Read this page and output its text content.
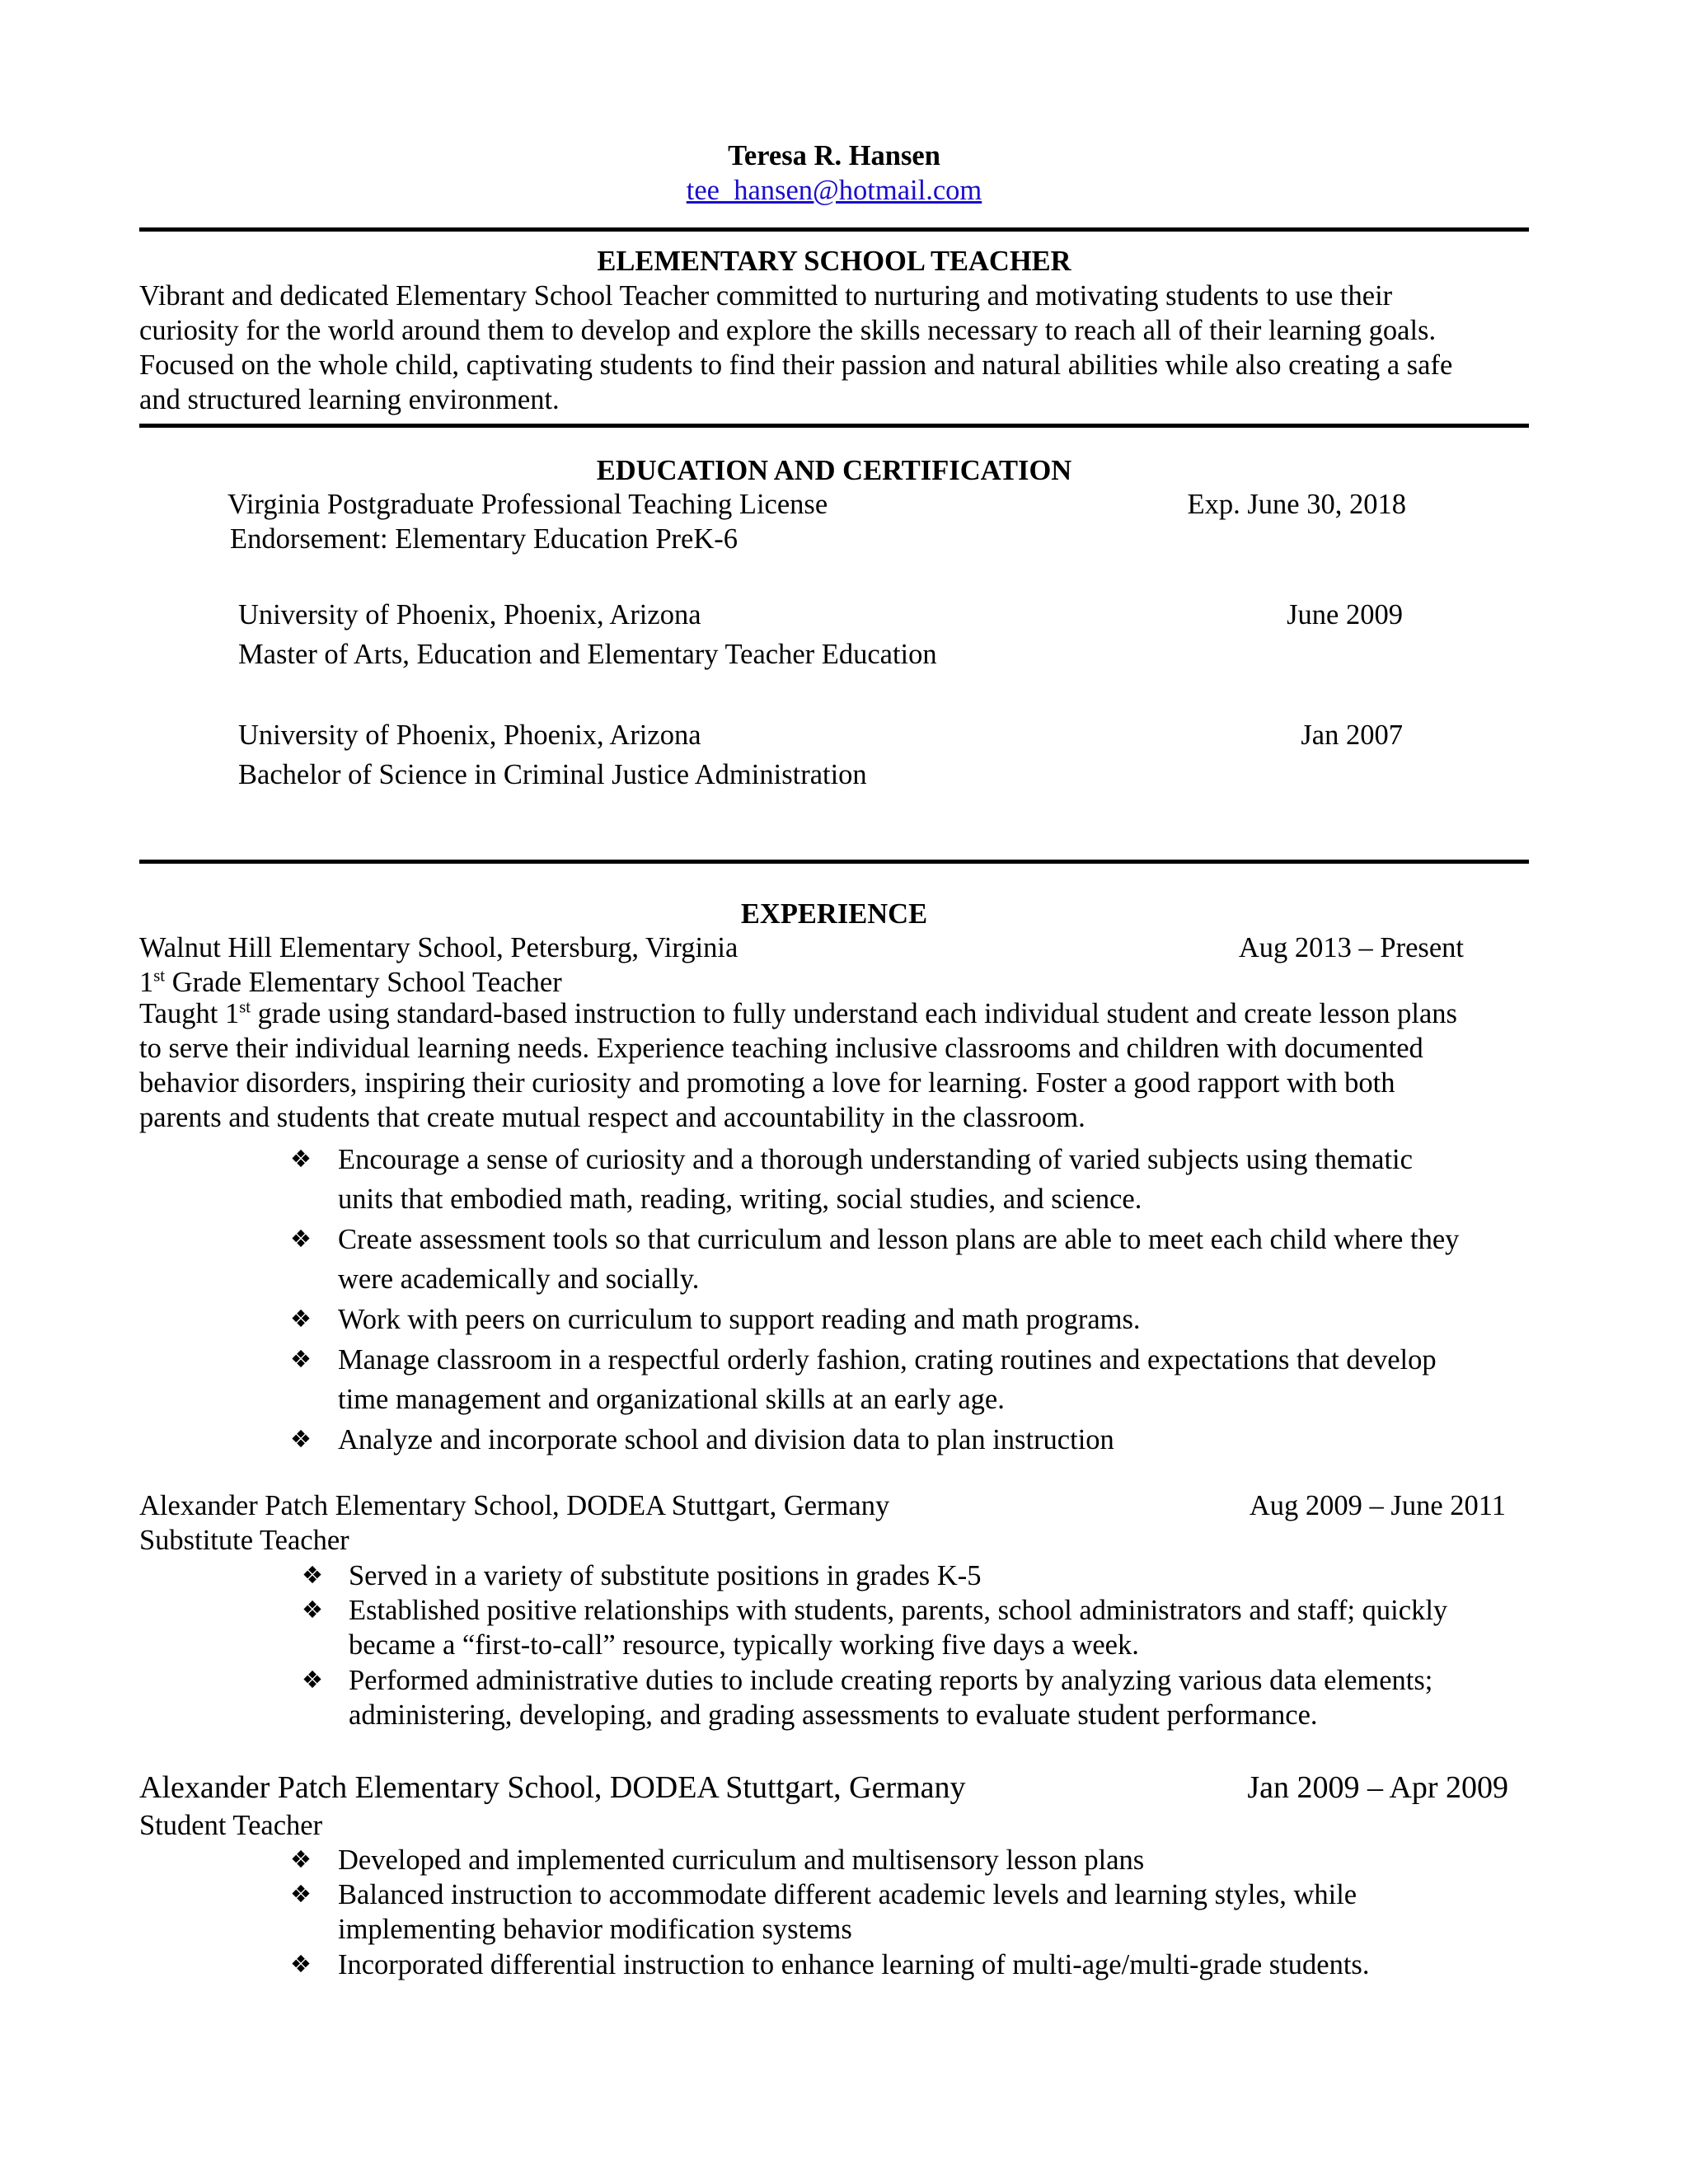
Teresa R. Hansen
tee_hansen@hotmail.com
ELEMENTARY SCHOOL TEACHER
Vibrant and dedicated Elementary School Teacher committed to nurturing and motivating students to use their
curiosity for the world around them to develop and explore the skills necessary to reach all of their learning goals.
Focused on the whole child, captivating students to find their passion and natural abilities while also creating a safe
and structured learning environment.
EDUCATION AND CERTIFICATION
Virginia Postgraduate Professional Teaching License	Exp. June 30, 2018
Endorsement: Elementary Education PreK-6
University of Phoenix, Phoenix, Arizona	June 2009
Master of Arts, Education and Elementary Teacher Education
University of Phoenix, Phoenix, Arizona	Jan 2007
Bachelor of Science in Criminal Justice Administration
EXPERIENCE
Walnut Hill Elementary School, Petersburg, Virginia	Aug 2013 – Present
1st Grade Elementary School Teacher
Taught 1st grade using standard-based instruction to fully understand each individual student and create lesson plans
to serve their individual learning needs. Experience teaching inclusive classrooms and children with documented
behavior disorders, inspiring their curiosity and promoting a love for learning. Foster a good rapport with both
parents and students that create mutual respect and accountability in the classroom.
❖ Encourage a sense of curiosity and a thorough understanding of varied subjects using thematic
units that embodied math, reading, writing, social studies, and science.
❖ Create assessment tools so that curriculum and lesson plans are able to meet each child where they
were academically and socially.
❖ Work with peers on curriculum to support reading and math programs.
❖ Manage classroom in a respectful orderly fashion, crating routines and expectations that develop
time management and organizational skills at an early age.
❖ Analyze and incorporate school and division data to plan instruction
Alexander Patch Elementary School, DODEA Stuttgart, Germany	Aug 2009 – June 2011
Substitute Teacher
❖ Served in a variety of substitute positions in grades K-5
❖ Established positive relationships with students, parents, school administrators and staff; quickly
became a “first-to-call” resource, typically working five days a week.
❖ Performed administrative duties to include creating reports by analyzing various data elements;
administering, developing, and grading assessments to evaluate student performance.
Alexander Patch Elementary School, DODEA Stuttgart, Germany	Jan 2009 – Apr 2009
Student Teacher
❖ Developed and implemented curriculum and multisensory lesson plans
❖ Balanced instruction to accommodate different academic levels and learning styles, while
implementing behavior modification systems
❖ Incorporated differential instruction to enhance learning of multi-age/multi-grade students.
